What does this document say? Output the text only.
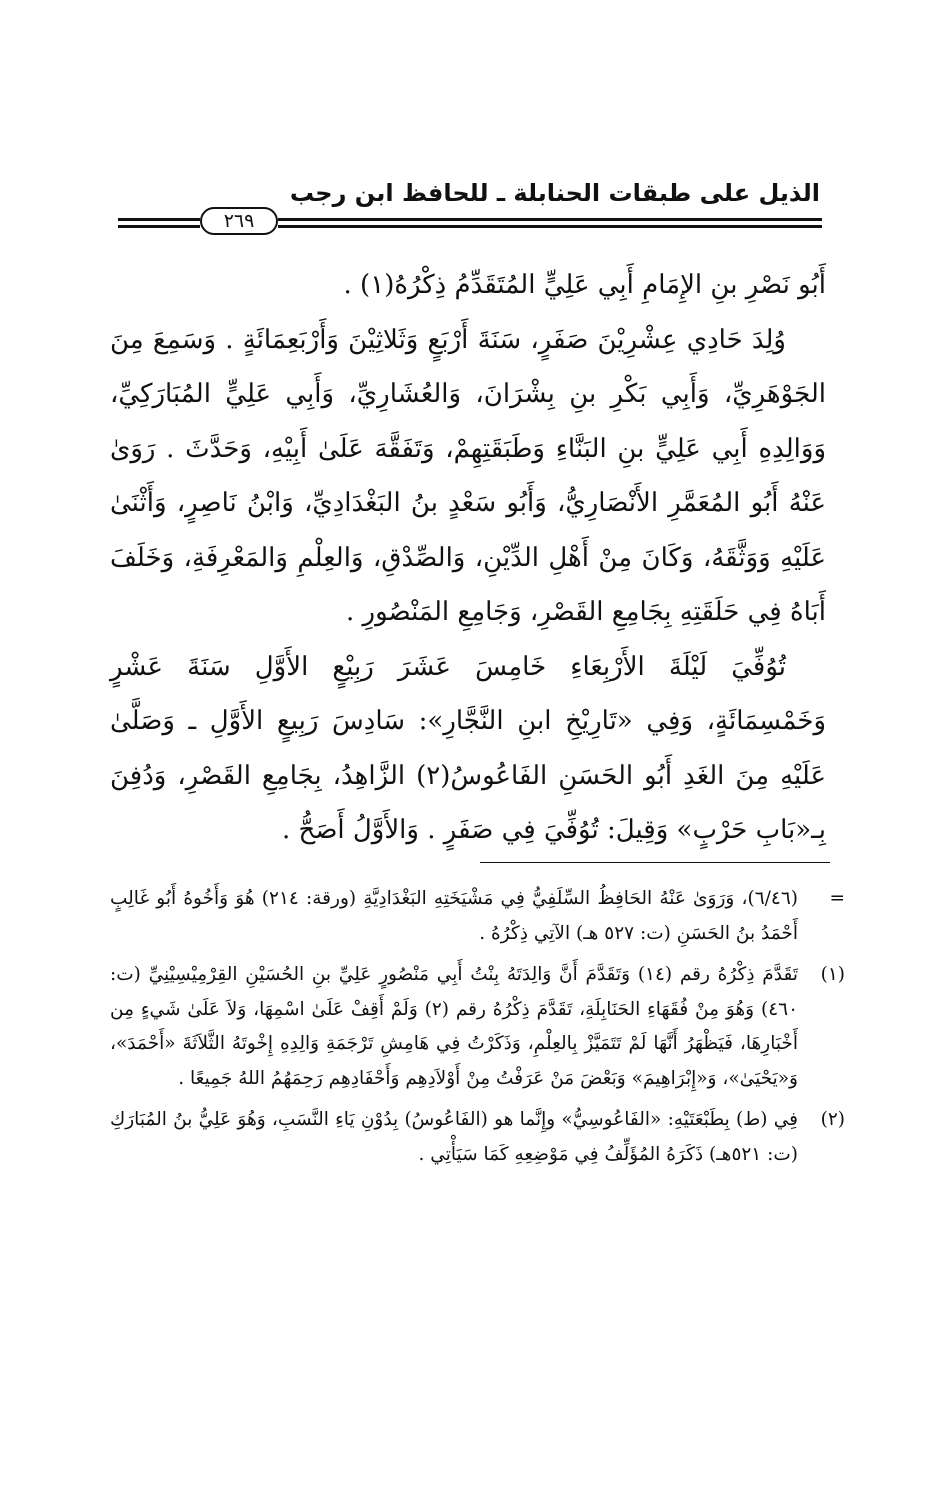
الذيل على طبقات الحنابلة ـ للحافظ ابن رجب
٢٦٩

أَبُو نَصْرِ بنِ الإِمَامِ أَبِي عَلِيٍّ المُتَقَدِّمُ ذِكْرُهُ(١) .

وُلِدَ حَادِي عِشْرِيْنَ صَفَرٍ، سَنَةَ أَرْبَعٍ وَثَلاثِيْنَ وَأَرْبَعِمَائَةٍ . وَسَمِعَ مِنَ الجَوْهَرِيِّ، وَأَبِي بَكْرِ بنِ بِشْرَانَ، وَالعُشَارِيِّ، وَأَبِي عَلِيٍّ المُبَارَكِيِّ، وَوَالِدِهِ أَبِي عَلِيٍّ بنِ البَنَّاءِ وَطَبَقَتِهِمْ، وَتَفَقَّهَ عَلَىٰ أَبِيْهِ، وَحَدَّثَ . رَوَىٰ عَنْهُ أَبُو المُعَمَّرِ الأَنْصَارِيُّ، وَأَبُو سَعْدٍ بنُ البَغْدَادِيِّ، وَابْنُ نَاصِرٍ، وَأَثْنَىٰ عَلَيْهِ وَوَثَّقَهُ، وَكَانَ مِنْ أَهْلِ الدِّيْنِ، وَالصِّدْقِ، وَالعِلْمِ وَالمَعْرِفَةِ، وَخَلَفَ أَبَاهُ فِي حَلَقَتِهِ بِجَامِعِ القَصْرِ، وَجَامِعِ المَنْصُورِ .

تُوُفِّيَ لَيْلَةَ الأَرْبِعَاءِ خَامِسَ عَشَرَ رَبِيْعٍ الأَوَّلِ سَنَةَ عَشْرٍ وَخَمْسِمَائَةٍ، وَفِي «تَارِيْخِ ابنِ النَّجَّارِ»: سَادِسَ رَبِيعٍ الأَوَّلِ ـ وَصَلَّىٰ عَلَيْهِ مِنَ الغَدِ أَبُو الحَسَنِ الفَاعُوسُ(٢) الزَّاهِدُ، بِجَامِعِ القَصْرِ، وَدُفِنَ بِـ«بَابِ حَرْبٍ» وَقِيلَ: تُوُفِّيَ فِي صَفَرٍ . وَالأَوَّلُ أَصَحُّ .

=
(٦/٤٦)، وَرَوَىٰ عَنْهُ الحَافِظُ السِّلَفِيُّ فِي مَشْيَخَتِهِ البَغْدَادِيَّةِ (ورقة: ٢١٤) هُوَ وَأَخُوهُ أَبُو غَالِبٍ أَحْمَدُ بنُ الحَسَنِ (ت: ٥٢٧ هـ) الآتِي ذِكْرُهُ .
(١)
تَقَدَّمَ ذِكْرُهُ رقم (١٤) وَتَقَدَّمَ أَنَّ وَالِدَتَهُ بِنْتُ أَبِي مَنْصُورٍ عَلِيِّ بنِ الحُسَيْنِ القِرْمِيْسِيْنِيِّ (ت: ٤٦٠) وَهُوَ مِنْ فُقَهَاءِ الحَنَابِلَةِ، تَقَدَّمَ ذِكْرُهُ رقم (٢) وَلَمْ أَقِفْ عَلَىٰ اسْمِهَا، وَلاَ عَلَىٰ شَيءٍ مِن أَخْبَارِهَا، فَيَظْهَرُ أَنَّهَا لَمْ تَتَمَيَّزْ بِالعِلْمِ، وَذَكَرْتُ فِي هَامِشِ تَرْجَمَةِ وَالِدِهِ إِخْوتَهُ الثَّلاَثَةَ «أَحْمَدَ»، وَ«يَحْيَىٰ»، وَ«إِبْرَاهِيمَ» وَبَعْضَ مَنْ عَرَفْتُ مِنْ أَوْلاَدِهِم وَأَحْفَادِهِم رَحِمَهُمُ اللهُ جَمِيعًا .
(٢)
فِي (ط) بِطَبْعَتَيْهِ: «الفَاعُوسِيُّ» وإِنَّما هو (الفَاعُوسُ) بِدُوْنِ يَاءِ النَّسَبِ، وَهُوَ عَلِيُّ بنُ المُبَارَكِ (ت: ٥٢١هـ) ذَكَرَهُ المُؤَلِّفُ فِي مَوْضِعِهِ كَمَا سَيَأْتِي .
